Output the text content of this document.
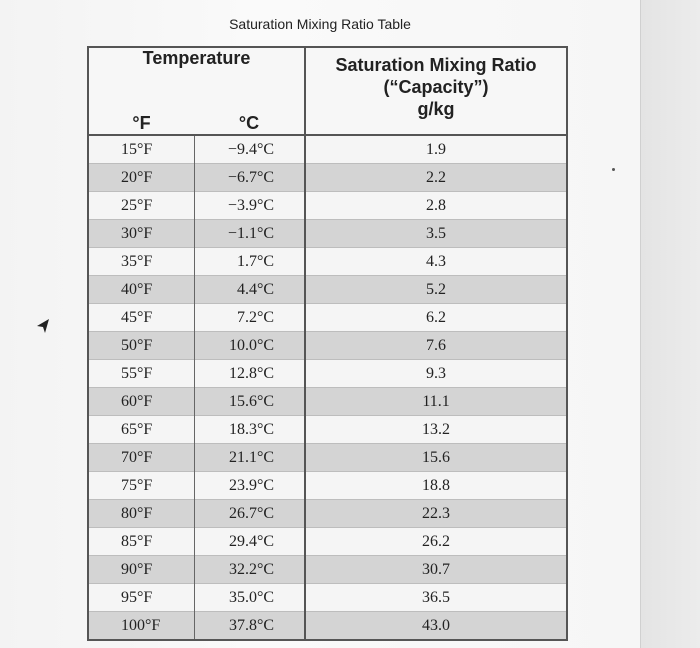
Saturation Mixing Ratio Table
Temperature		Saturation Mixing Ratio
(“Capacity”)
g/kg

°F	°C	
15°F	−9.4°C	1.9
20°F	−6.7°C	2.2
25°F	−3.9°C	2.8
30°F	−1.1°C	3.5
35°F	1.7°C	4.3
40°F	4.4°C	5.2
45°F	7.2°C	6.2
50°F	10.0°C	7.6
55°F	12.8°C	9.3
60°F	15.6°C	11.1
65°F	18.3°C	13.2
70°F	21.1°C	15.6
75°F	23.9°C	18.8
80°F	26.7°C	22.3
85°F	29.4°C	26.2
90°F	32.2°C	30.7
95°F	35.0°C	36.5
100°F	37.8°C	43.0
